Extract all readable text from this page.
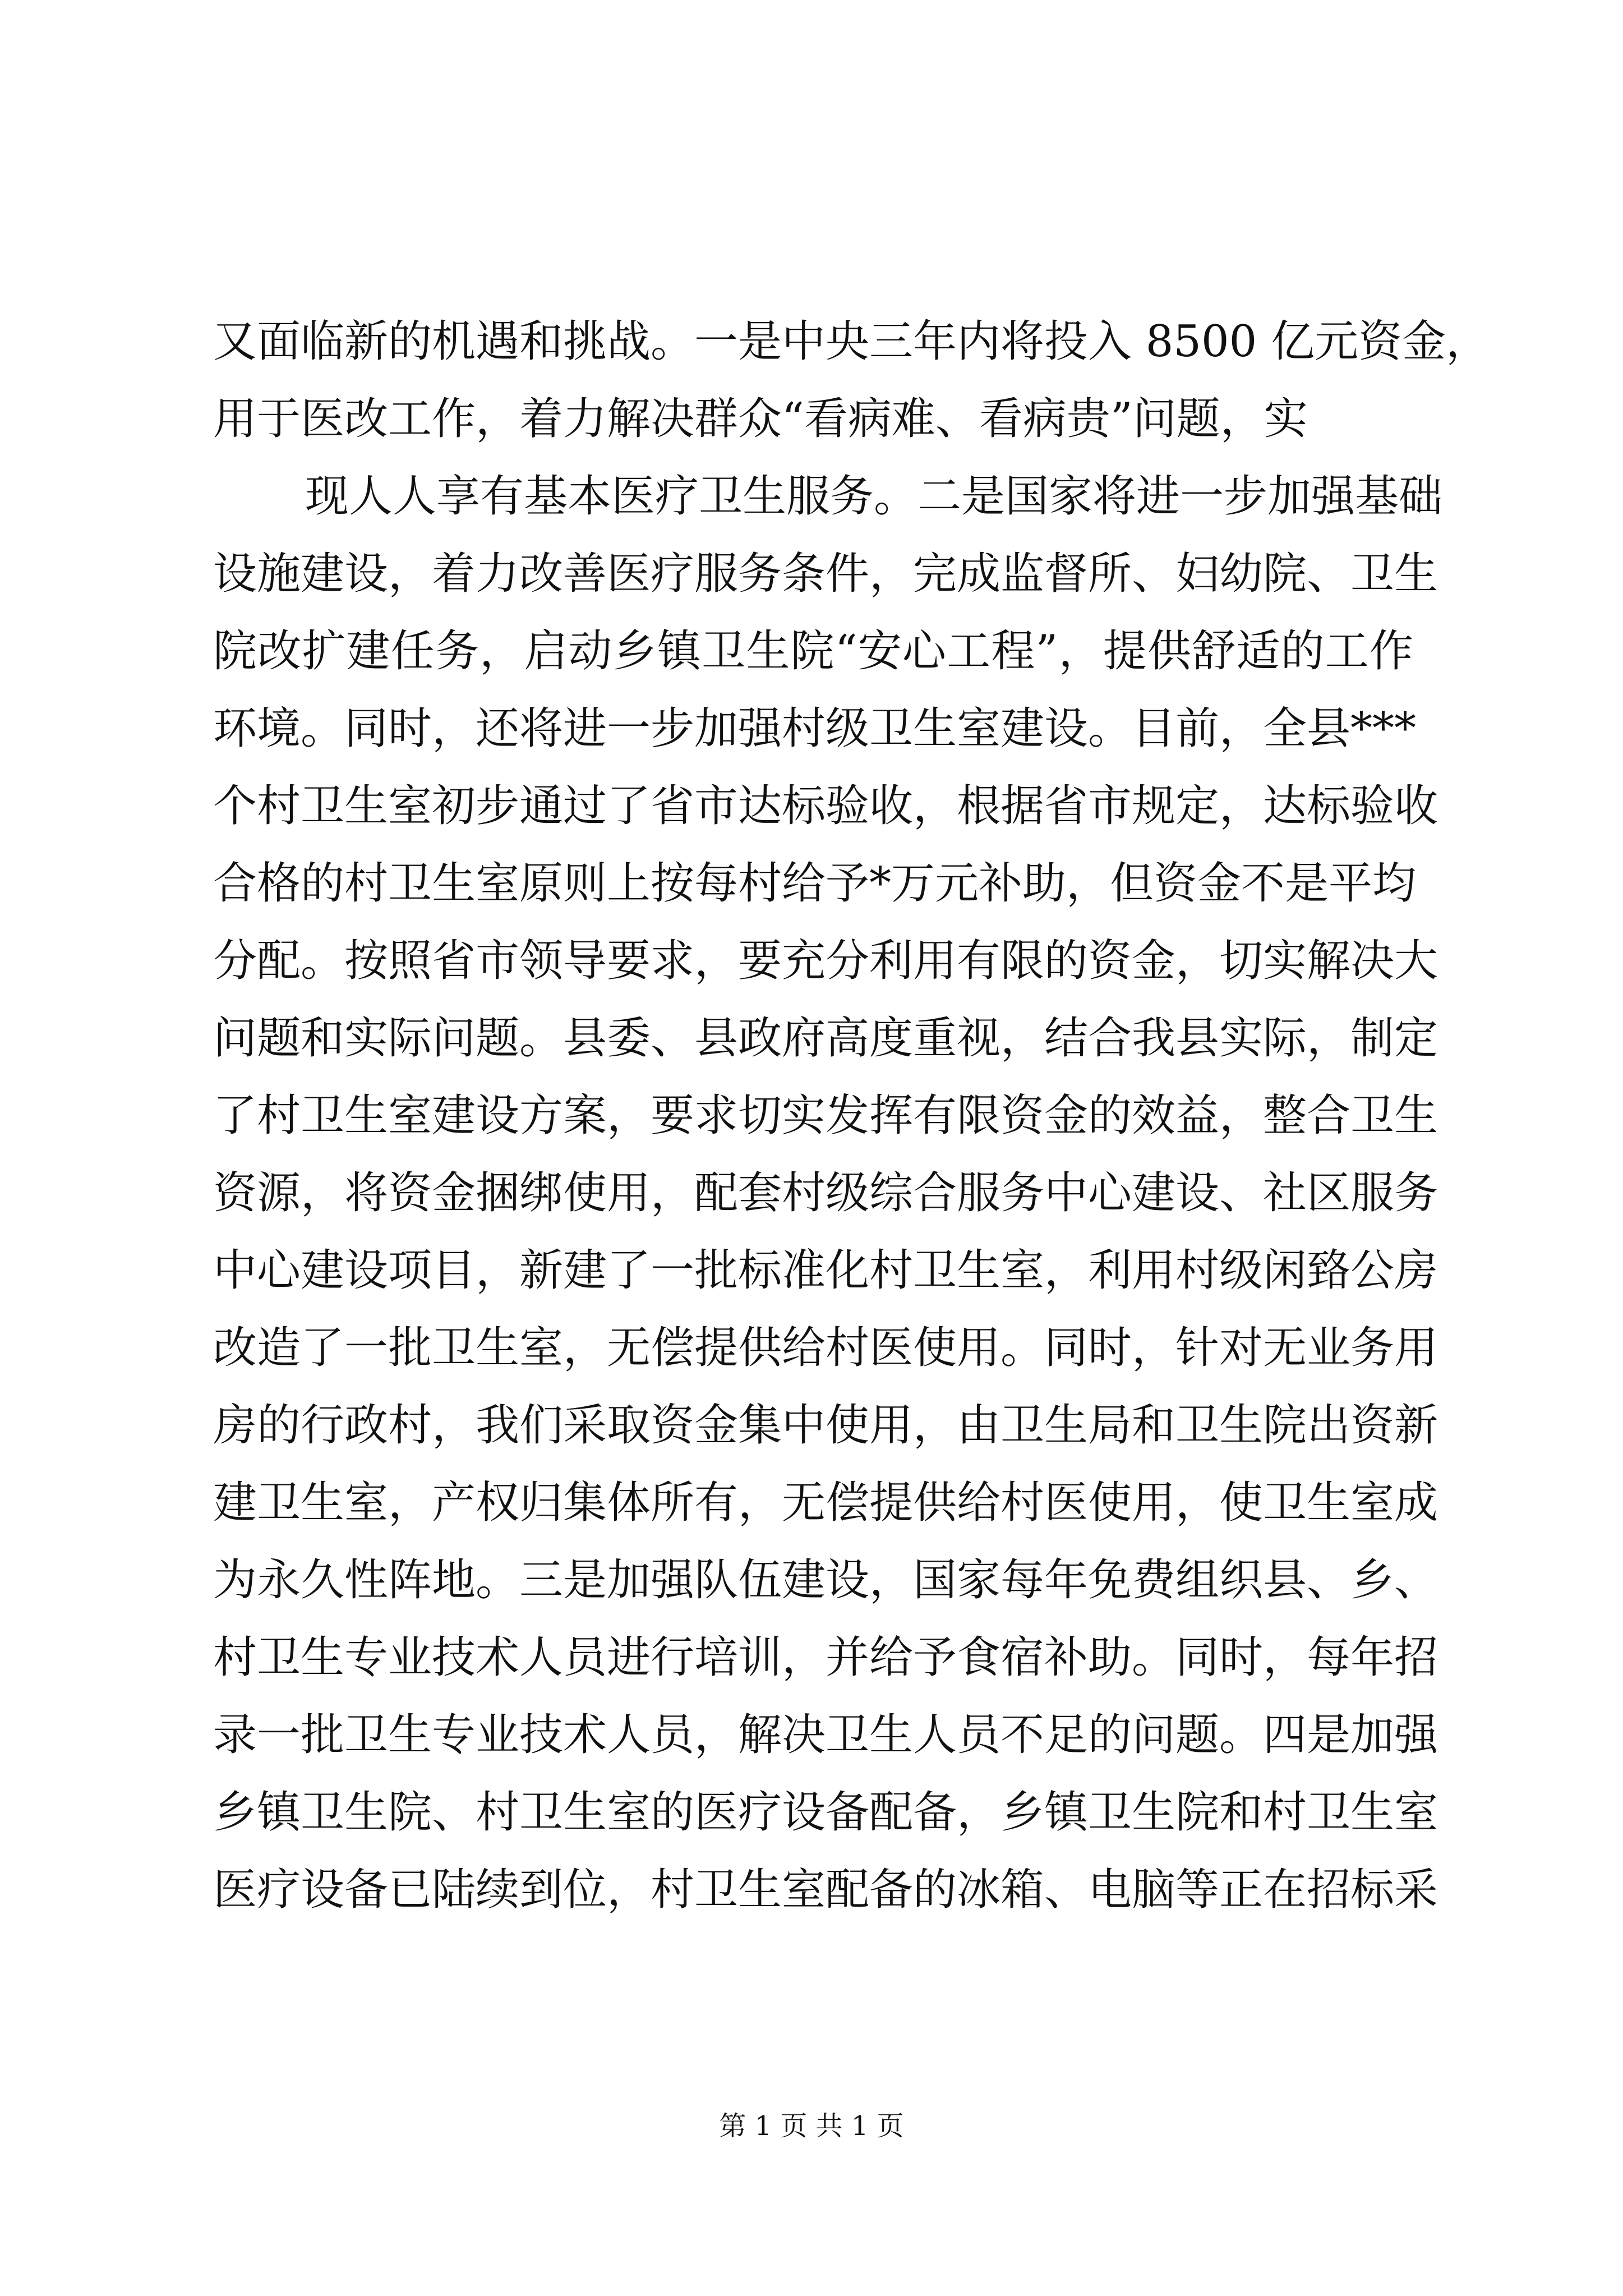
又面临新的机遇和挑战。一是中央三年内将投入 8500 亿元资金，
用于医改工作，着力解决群众“看病难、看病贵”问题，实
现人人享有基本医疗卫生服务。二是国家将进一步加强基础
设施建设，着力改善医疗服务条件，完成监督所、妇幼院、卫生
院改扩建任务，启动乡镇卫生院“安心工程”，提供舒适的工作
环境。同时，还将进一步加强村级卫生室建设。目前，全县***
个村卫生室初步通过了省市达标验收，根据省市规定，达标验收
合格的村卫生室原则上按每村给予*万元补助，但资金不是平均
分配。按照省市领导要求，要充分利用有限的资金，切实解决大
问题和实际问题。县委、县政府高度重视，结合我县实际，制定
了村卫生室建设方案，要求切实发挥有限资金的效益，整合卫生
资源，将资金捆绑使用，配套村级综合服务中心建设、社区服务
中心建设项目，新建了一批标准化村卫生室，利用村级闲臵公房
改造了一批卫生室，无偿提供给村医使用。同时，针对无业务用
房的行政村，我们采取资金集中使用，由卫生局和卫生院出资新
建卫生室，产权归集体所有，无偿提供给村医使用，使卫生室成
为永久性阵地。三是加强队伍建设，国家每年免费组织县、乡、
村卫生专业技术人员进行培训，并给予食宿补助。同时，每年招
录一批卫生专业技术人员，解决卫生人员不足的问题。四是加强
乡镇卫生院、村卫生室的医疗设备配备，乡镇卫生院和村卫生室
医疗设备已陆续到位，村卫生室配备的冰箱、电脑等正在招标采
第 1 页 共 1 页
